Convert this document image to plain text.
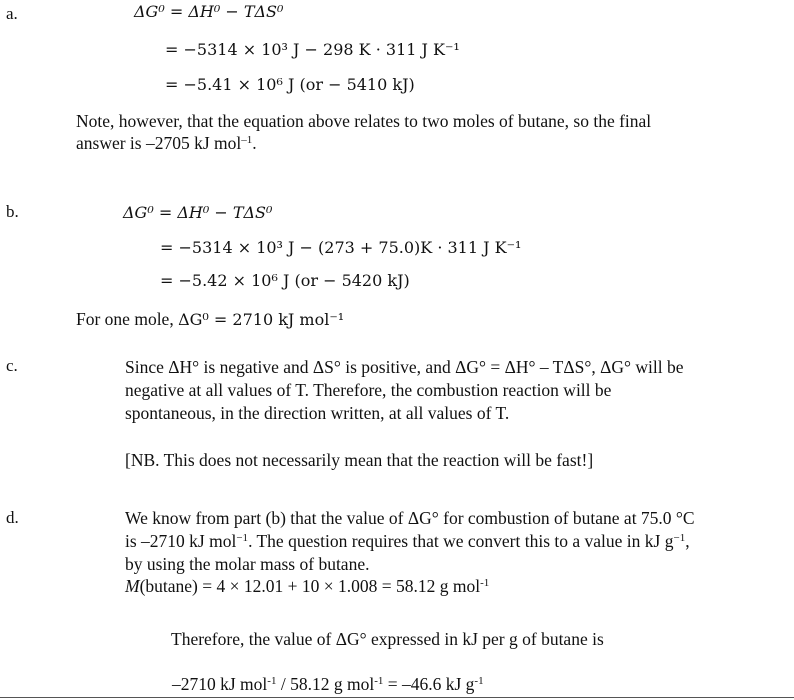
a.	ΔG⁰ = ΔH⁰ − TΔS⁰
= −5314 × 10³ J − 298 K · 311 J K⁻¹
= −5.41 × 10⁶ J (or − 5410 kJ)
Note, however, that the equation above relates to two moles of butane, so the final
answer is –2705 kJ mol$^{-1}$.
b.	ΔG⁰ = ΔH⁰ − TΔS⁰
= −5314 × 10³ J − (273 + 75.0)K · 311 J K⁻¹
= −5.42 × 10⁶ J (or − 5420 kJ)
For one mole, ΔG⁰ = 2710 kJ mol⁻¹
c.	Since ΔH° is negative and ΔS° is positive, and ΔG° = ΔH° – TΔS°, ΔG° will be
negative at all values of T. Therefore, the combustion reaction will be
spontaneous, in the direction written, at all values of T.
[NB. This does not necessarily mean that the reaction will be fast!]
d.	We know from part (b) that the value of ΔG° for combustion of butane at 75.0 °C
is –2710 kJ mol$^{-1}$. The question requires that we convert this to a value in kJ $g^{-1}$,
by using the molar mass of butane.
M(butane) = 4 × 12.01 + 10 × 1.008 = 58.12 g mol$^{-1}$
Therefore, the value of ΔG° expressed in kJ per g of butane is
–2710 kJ mol$^{-1}$ / 58.12 g mol$^{-1}$ = –46.6 kJ $g^{-1}$
